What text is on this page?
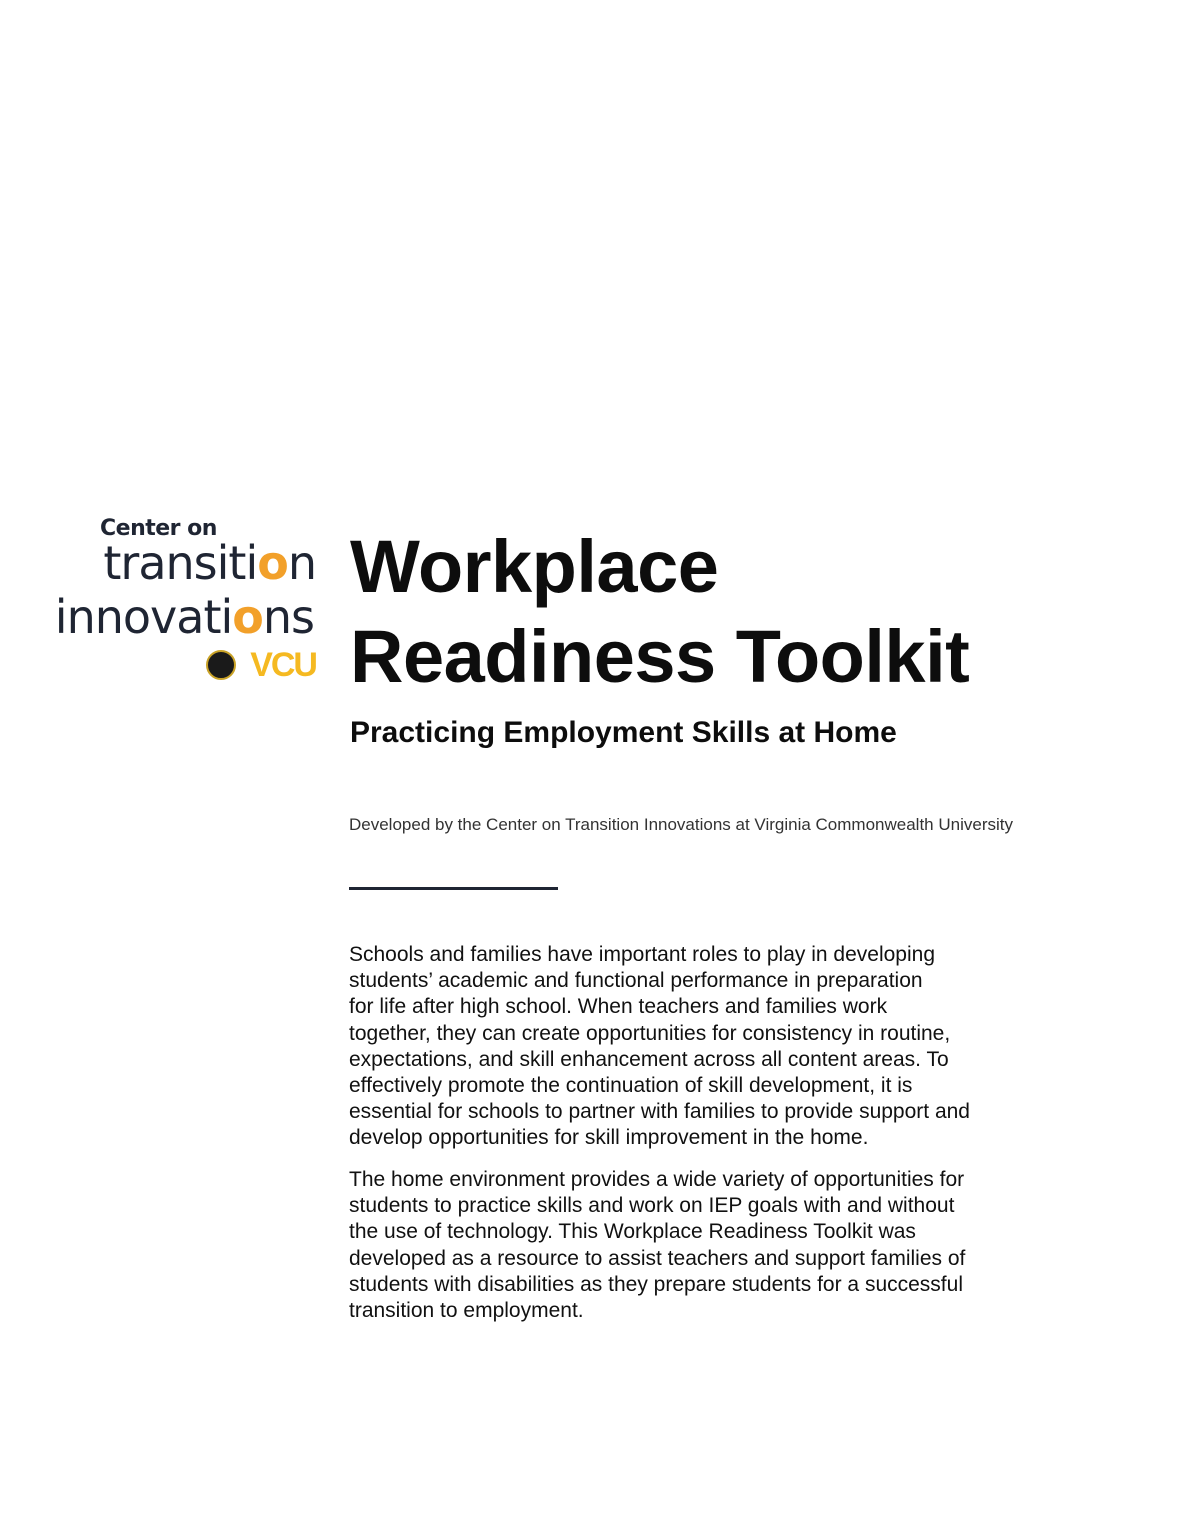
Center on
transition
innovations
VCU
Workplace
Readiness Toolkit
Practicing Employment Skills at Home
Developed by the Center on Transition Innovations at Virginia Commonwealth University
Schools and families have important roles to play in developing
students’ academic and functional performance in preparation
for life after high school. When teachers and families work
together, they can create opportunities for consistency in routine,
expectations, and skill enhancement across all content areas. To
effectively promote the continuation of skill development, it is
essential for schools to partner with families to provide support and
develop opportunities for skill improvement in the home.
The home environment provides a wide variety of opportunities for
students to practice skills and work on IEP goals with and without
the use of technology. This Workplace Readiness Toolkit was
developed as a resource to assist teachers and support families of
students with disabilities as they prepare students for a successful
transition to employment.
